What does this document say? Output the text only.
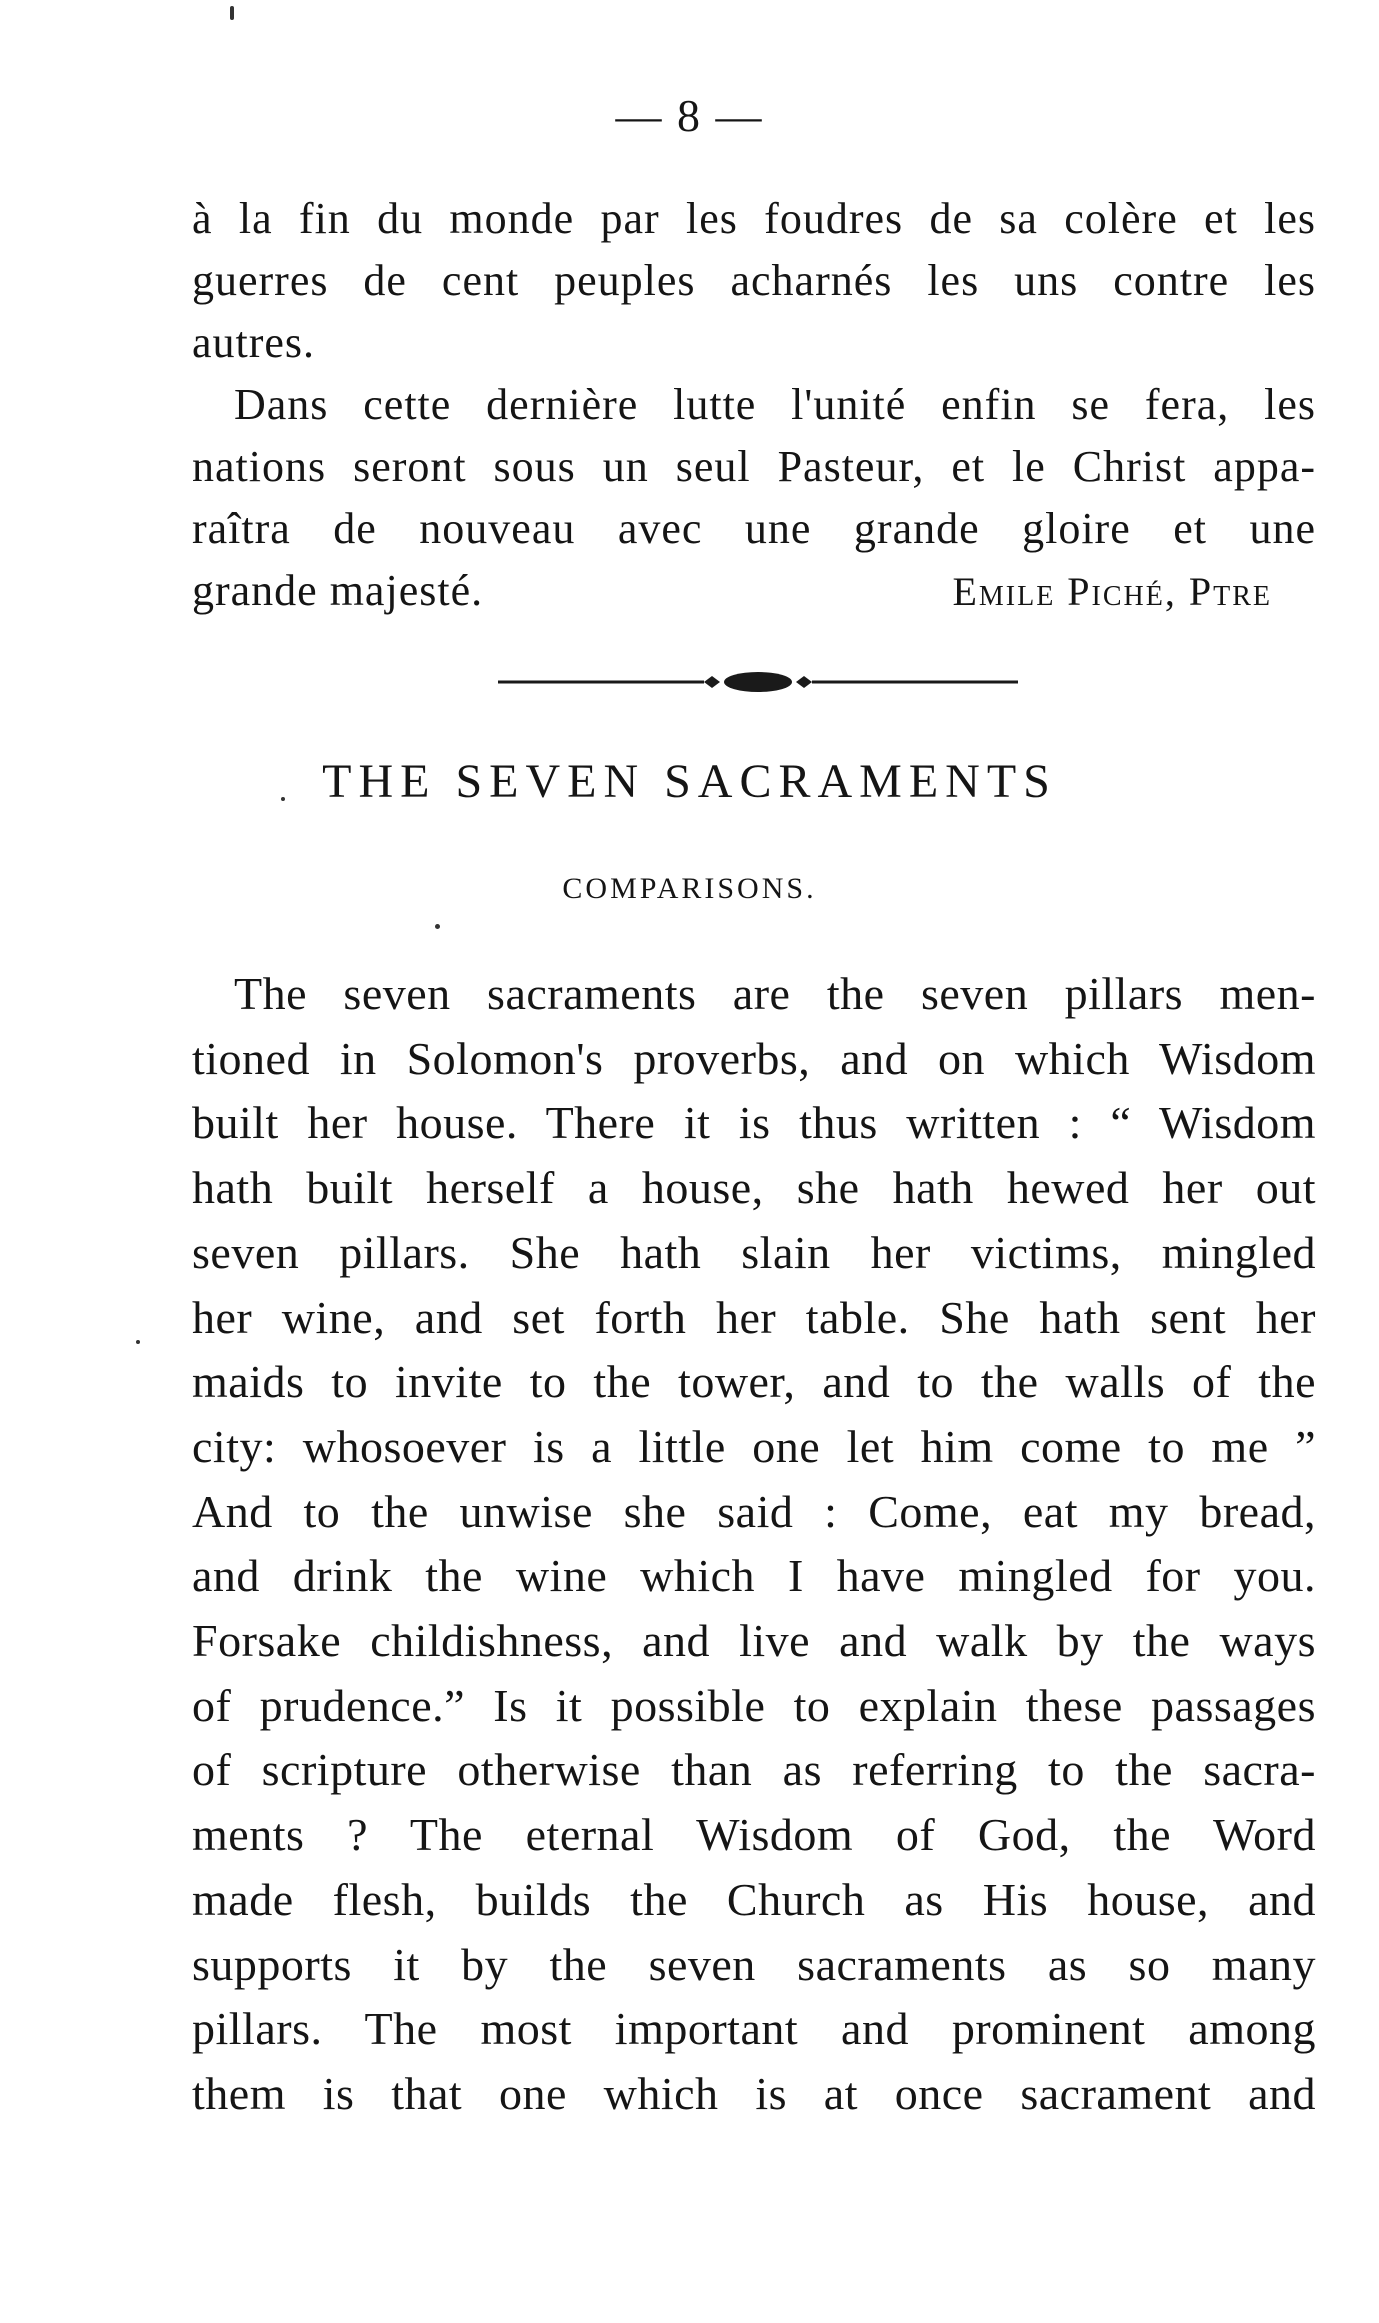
— 8 —
à la fin du monde par les foudres de sa colère et les
guerres de cent peuples acharnés les uns contre les
autres.
Dans cette dernière lutte l'unité enfin se fera, les
nations seront sous un seul Pasteur, et le Christ appa-
raîtra de nouveau avec une grande gloire et une
grande majesté.	Emile Piché, Ptre
THE SEVEN SACRAMENTS
COMPARISONS.
The seven sacraments are the seven pillars men-
tioned in Solomon's proverbs, and on which Wisdom
built her house. There it is thus written : “ Wisdom
hath built herself a house, she hath hewed her out
seven pillars. She hath slain her victims, mingled
her wine, and set forth her table. She hath sent her
maids to invite to the tower, and to the walls of the
city: whosoever is a little one let him come to me ”
And to the unwise she said : Come, eat my bread,
and drink the wine which I have mingled for you.
Forsake childishness, and live and walk by the ways
of prudence.” Is it possible to explain these passages
of scripture otherwise than as referring to the sacra-
ments ? The eternal Wisdom of God, the Word
made flesh, builds the Church as His house, and
supports it by the seven sacraments as so many
pillars. The most important and prominent among
them is that one which is at once sacrament and
